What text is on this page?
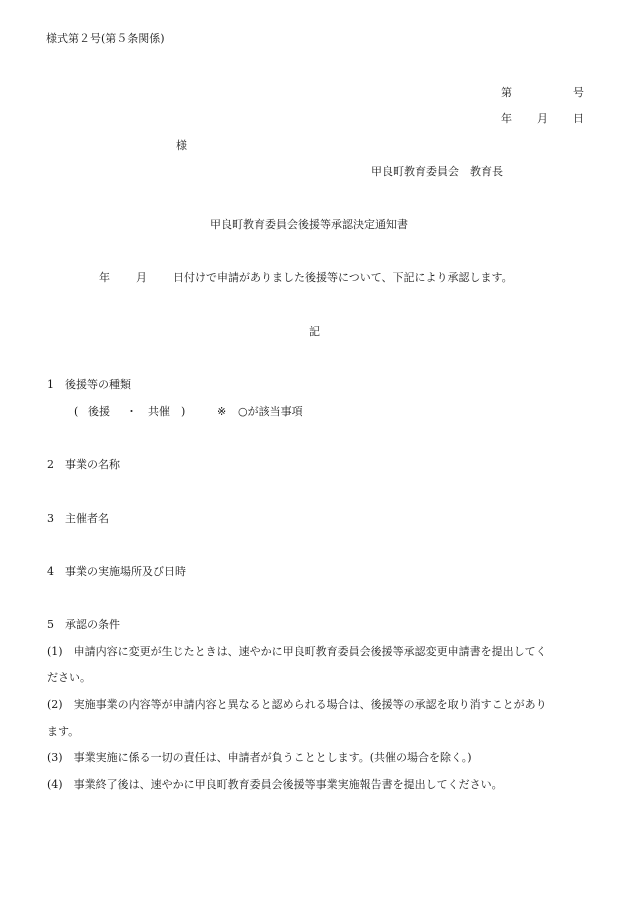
様式第２号(第５条関係)
第	号
年 月 日
様
甲良町教育委員会　教育長
甲良町教育委員会後援等承認決定通知書
年 月 日付けで申請がありました後援等について、下記により承認します。
記
1　後援等の種類
( 後援 ・ 共催 )	※ ○が該当事項
2　事業の名称
3　主催者名
4　事業の実施場所及び日時
5　承認の条件
(1)　申請内容に変更が生じたときは、速やかに甲良町教育委員会後援等承認変更申請書を提出してく
ださい。
(2)　実施事業の内容等が申請内容と異なると認められる場合は、後援等の承認を取り消すことがあり
ます。
(3)　事業実施に係る一切の責任は、申請者が負うこととします。(共催の場合を除く。)
(4)　事業終了後は、速やかに甲良町教育委員会後援等事業実施報告書を提出してください。
